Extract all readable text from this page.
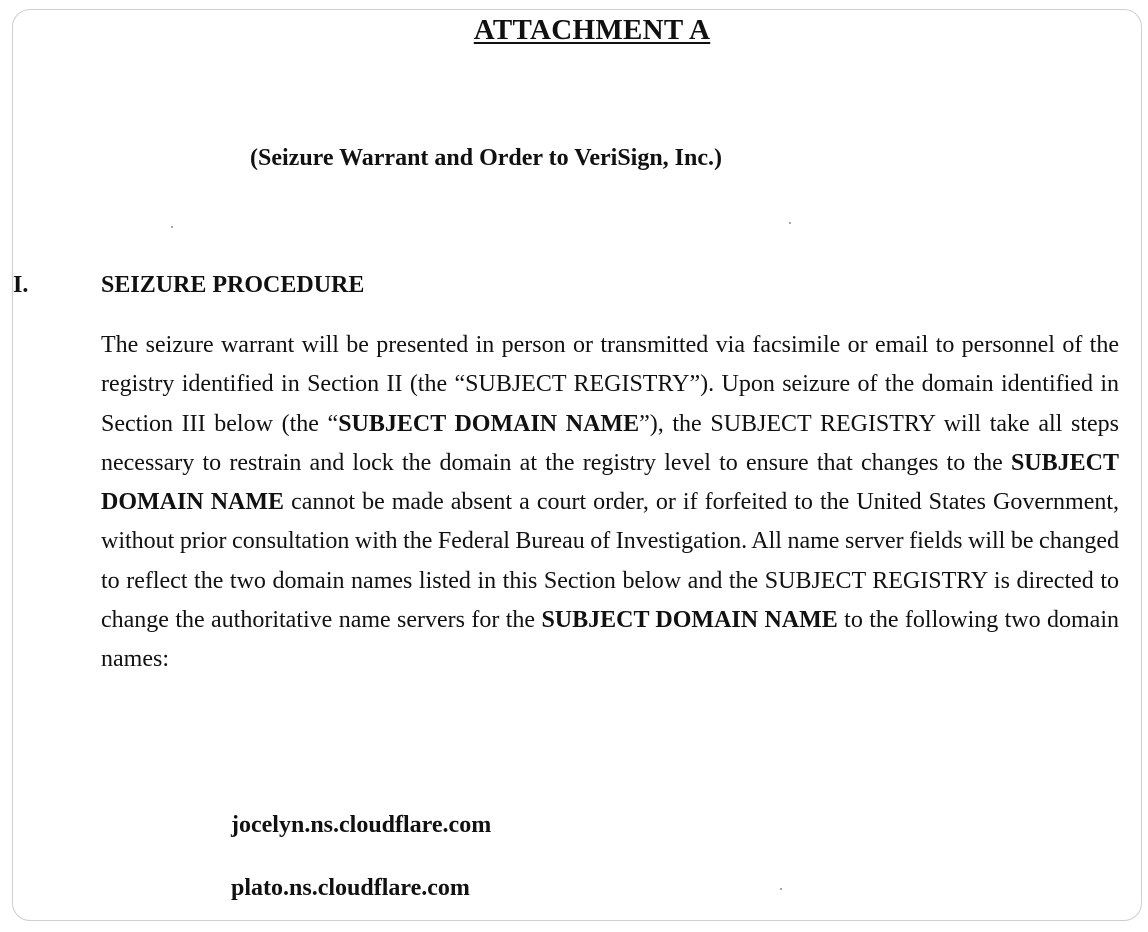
ATTACHMENT A

(Seizure Warrant and Order to VeriSign, Inc.)

I.	SEIZURE PROCEDURE

The seizure warrant will be presented in person or transmitted via facsimile or email to personnel of the registry identified in Section II (the “SUBJECT REGISTRY”). Upon seizure of the domain identified in Section III below (the “SUBJECT DOMAIN NAME”), the SUBJECT REGISTRY will take all steps necessary to restrain and lock the domain at the registry level to ensure that changes to the SUBJECT DOMAIN NAME cannot be made absent a court order, or if forfeited to the United States Government, without prior consultation with the Federal Bureau of Investigation. All name server fields will be changed to reflect the two domain names listed in this Section below and the SUBJECT REGISTRY is directed to change the authoritative name servers for the SUBJECT DOMAIN NAME to the following two domain names:

jocelyn.ns.cloudflare.com
plato.ns.cloudflare.com
